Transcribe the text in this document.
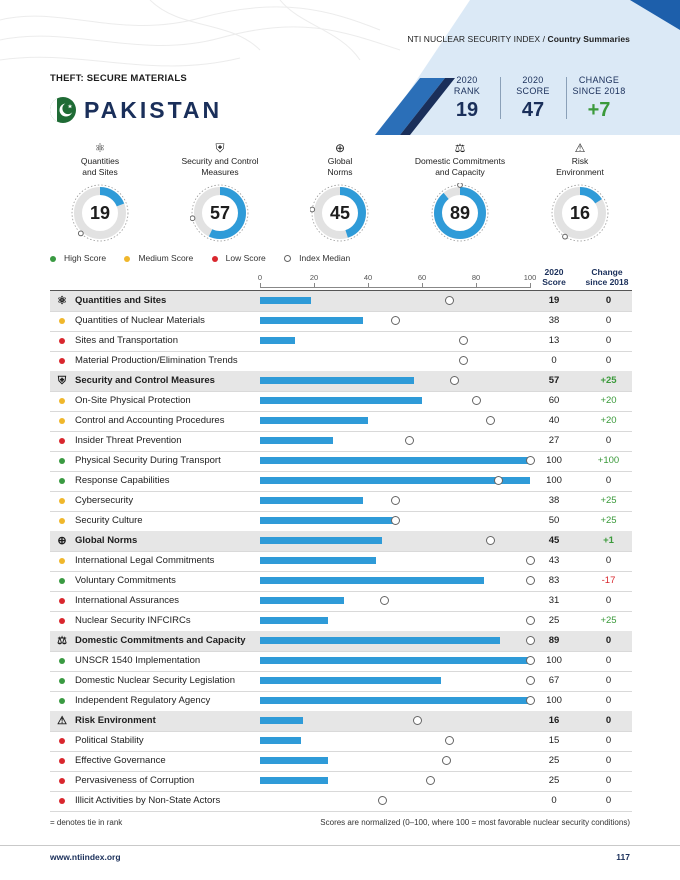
NTI NUCLEAR SECURITY INDEX / Country Summaries
THEFT: SECURE MATERIALS
PAKISTAN
2020
RANK
19
2020
SCORE
47
CHANGE
SINCE 2018
+7
⚛
Quantities
and Sites
19
⛨
Security and Control
Measures
57
⊕
Global
Norms
45
⚖
Domestic Commitments
and Capacity
89
⚠
Risk
Environment
16
High Score	Medium Score	Low Score	Index Median
0	20	40	60	80	100
2020
Score
Change
since 2018
⚛ Quantities and Sites	19	0
Quantities of Nuclear Materials	38	0
Sites and Transportation	13	0
Material Production/Elimination Trends	0	0
⛨ Security and Control Measures	57	+25
On-Site Physical Protection	60	+20
Control and Accounting Procedures	40	+20
Insider Threat Prevention	27	0
Physical Security During Transport	100	+100
Response Capabilities	100	0
Cybersecurity	38	+25
Security Culture	50	+25
⊕ Global Norms	45	+1
International Legal Commitments	43	0
Voluntary Commitments	83	-17
International Assurances	31	0
Nuclear Security INFCIRCs	25	+25
⚖ Domestic Commitments and Capacity	89	0
UNSCR 1540 Implementation	100	0
Domestic Nuclear Security Legislation	67	0
Independent Regulatory Agency	100	0
⚠ Risk Environment	16	0
Political Stability	15	0
Effective Governance	25	0
Pervasiveness of Corruption	25	0
Illicit Activities by Non-State Actors	0	0
= denotes tie in rank	Scores are normalized (0–100, where 100 = most favorable nuclear security conditions)
www.ntiindex.org	117
